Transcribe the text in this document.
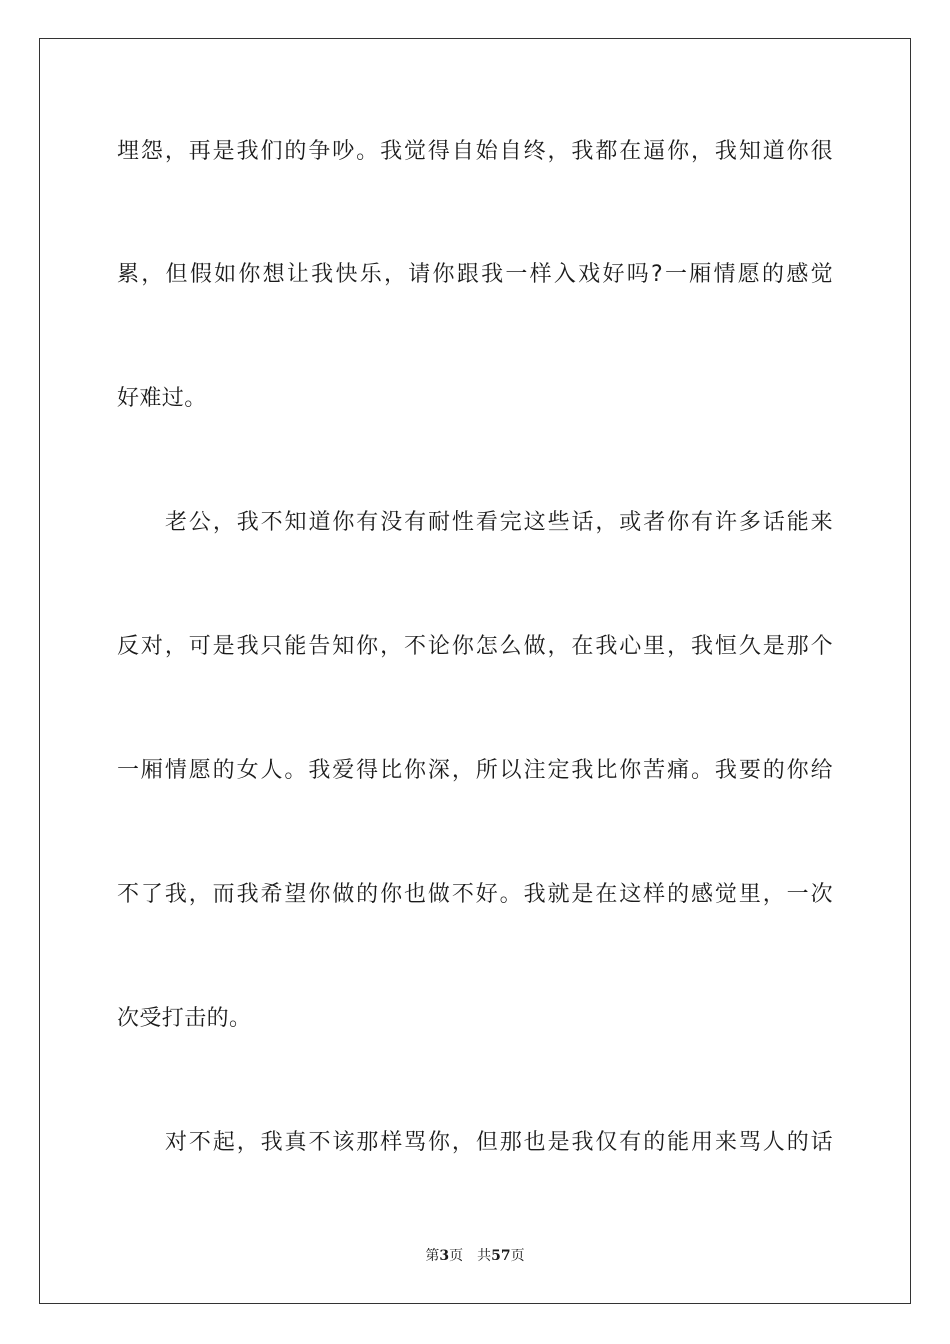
埋怨，再是我们的争吵。我觉得自始自终，我都在逼你，我知道你很
累，但假如你想让我快乐，请你跟我一样入戏好吗?一厢情愿的感觉
好难过。
老公，我不知道你有没有耐性看完这些话，或者你有许多话能来
反对，可是我只能告知你，不论你怎么做，在我心里，我恒久是那个
一厢情愿的女人。我爱得比你深，所以注定我比你苦痛。我要的你给
不了我，而我希望你做的你也做不好。我就是在这样的感觉里，一次
次受打击的。
对不起，我真不该那样骂你，但那也是我仅有的能用来骂人的话
第3页 共57页
